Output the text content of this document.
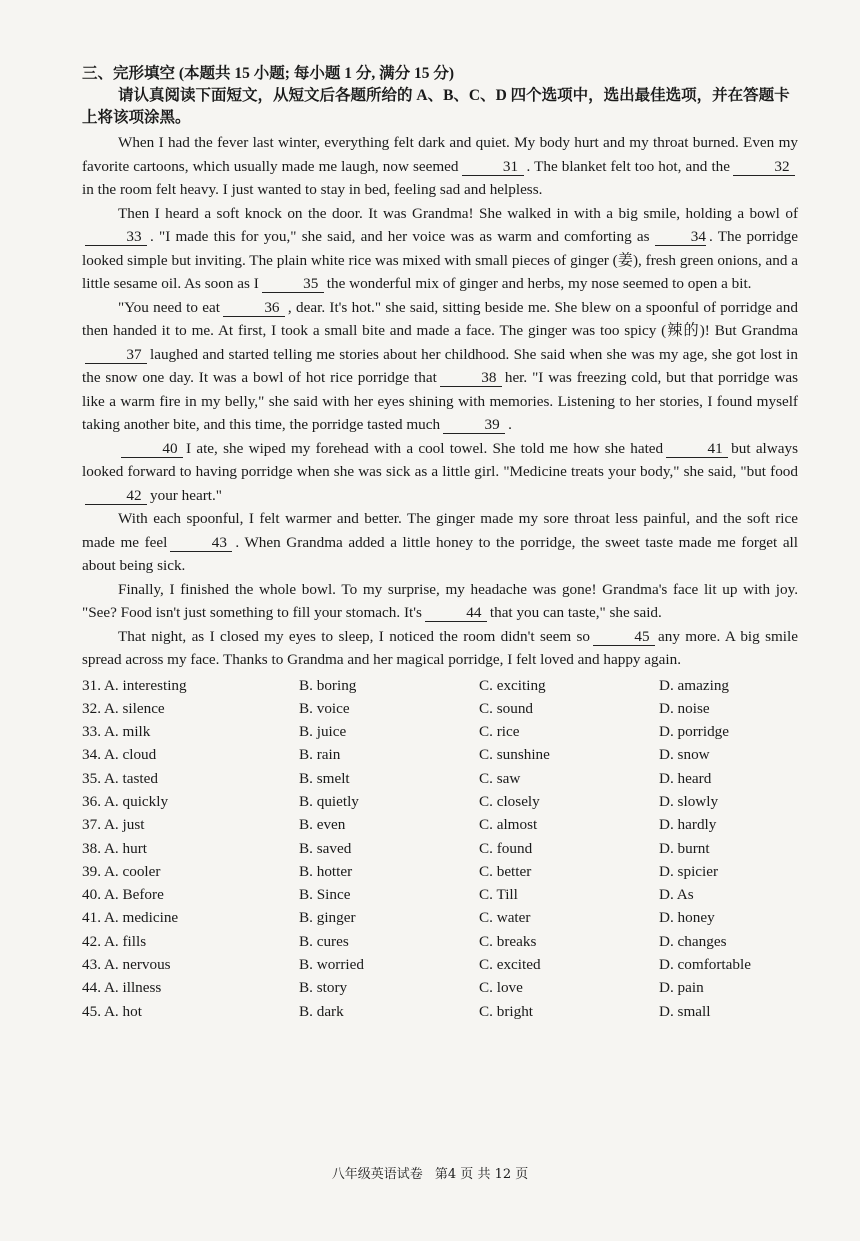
三、完形填空 (本题共 15 小题; 每小题 1 分, 满分 15 分)

请认真阅读下面短文，从短文后各题所给的 A、B、C、D 四个选项中，选出最佳选项，并在答题卡上将该项涂黑。

When I had the fever last winter, everything felt dark and quiet. My body hurt and my throat burned. Even my favorite cartoons, which usually made me laugh, now seemed	31 . The blanket felt too hot, and the	32in the room felt heavy. I just wanted to stay in bed, feeling sad and helpless.

Then I heard a soft knock on the door. It was Grandma! She walked in with a big smile, holding a bowl of33 . "I made this for you," she said, and her voice was as warm and comforting as	34 . The porridge looked simple but inviting. The plain white rice was mixed with small pieces of ginger (姜), fresh green onions, and a little sesame oil. As soon as I	35 the wonderful mix of ginger and herbs, my nose seemed to open a bit.

"You need to eat	36 , dear. It's hot." she said, sitting beside me. She blew on a spoonful of porridge and then handed it to me. At first, I took a small bite and made a face. The ginger was too spicy (辣的)! But Grandma37 laughed and started telling me stories about her childhood. She said when she was my age, she got lost in the snow one day. It was a bowl of hot rice porridge that	38 her. "I was freezing cold, but that porridge was like a warm fire in my belly," she said with her eyes shining with memories. Listening to her stories, I found myself taking another bite, and this time, the porridge tasted much	39 .

40 I ate, she wiped my forehead with a cool towel. She told me how she hated	41 but always looked forward to having porridge when she was sick as a little girl. "Medicine treats your body," she said, "but food42 your heart."

With each spoonful, I felt warmer and better. The ginger made my sore throat less painful, and the soft rice made me feel	43 . When Grandma added a little honey to the porridge, the sweet taste made me forget all about being sick.

Finally, I finished the whole bowl. To my surprise, my headache was gone! Grandma's face lit up with joy. "See? Food isn't just something to fill your stomach. It's	44 that you can taste," she said.

That night, as I closed my eyes to sleep, I noticed the room didn't seem so	45 any more. A big smile spread across my face. Thanks to Grandma and her magical porridge, I felt loved and happy again.

31. A. interesting	B. boring	C. exciting	D. amazing
32. A. silence	B. voice	C. sound	D. noise
33. A. milk	B. juice	C. rice	D. porridge
34. A. cloud	B. rain	C. sunshine	D. snow
35. A. tasted	B. smelt	C. saw	D. heard
36. A. quickly	B. quietly	C. closely	D. slowly
37. A. just	B. even	C. almost	D. hardly
38. A. hurt	B. saved	C. found	D. burnt
39. A. cooler	B. hotter	C. better	D. spicier
40. A. Before	B. Since	C. Till	D. As
41. A. medicine	B. ginger	C. water	D. honey
42. A. fills	B. cures	C. breaks	D. changes
43. A. nervous	B. worried	C. excited	D. comfortable
44. A. illness	B. story	C. love	D. pain
45. A. hot	B. dark	C. bright	D. small
八年级英语试卷 第4 页 共 12 页
